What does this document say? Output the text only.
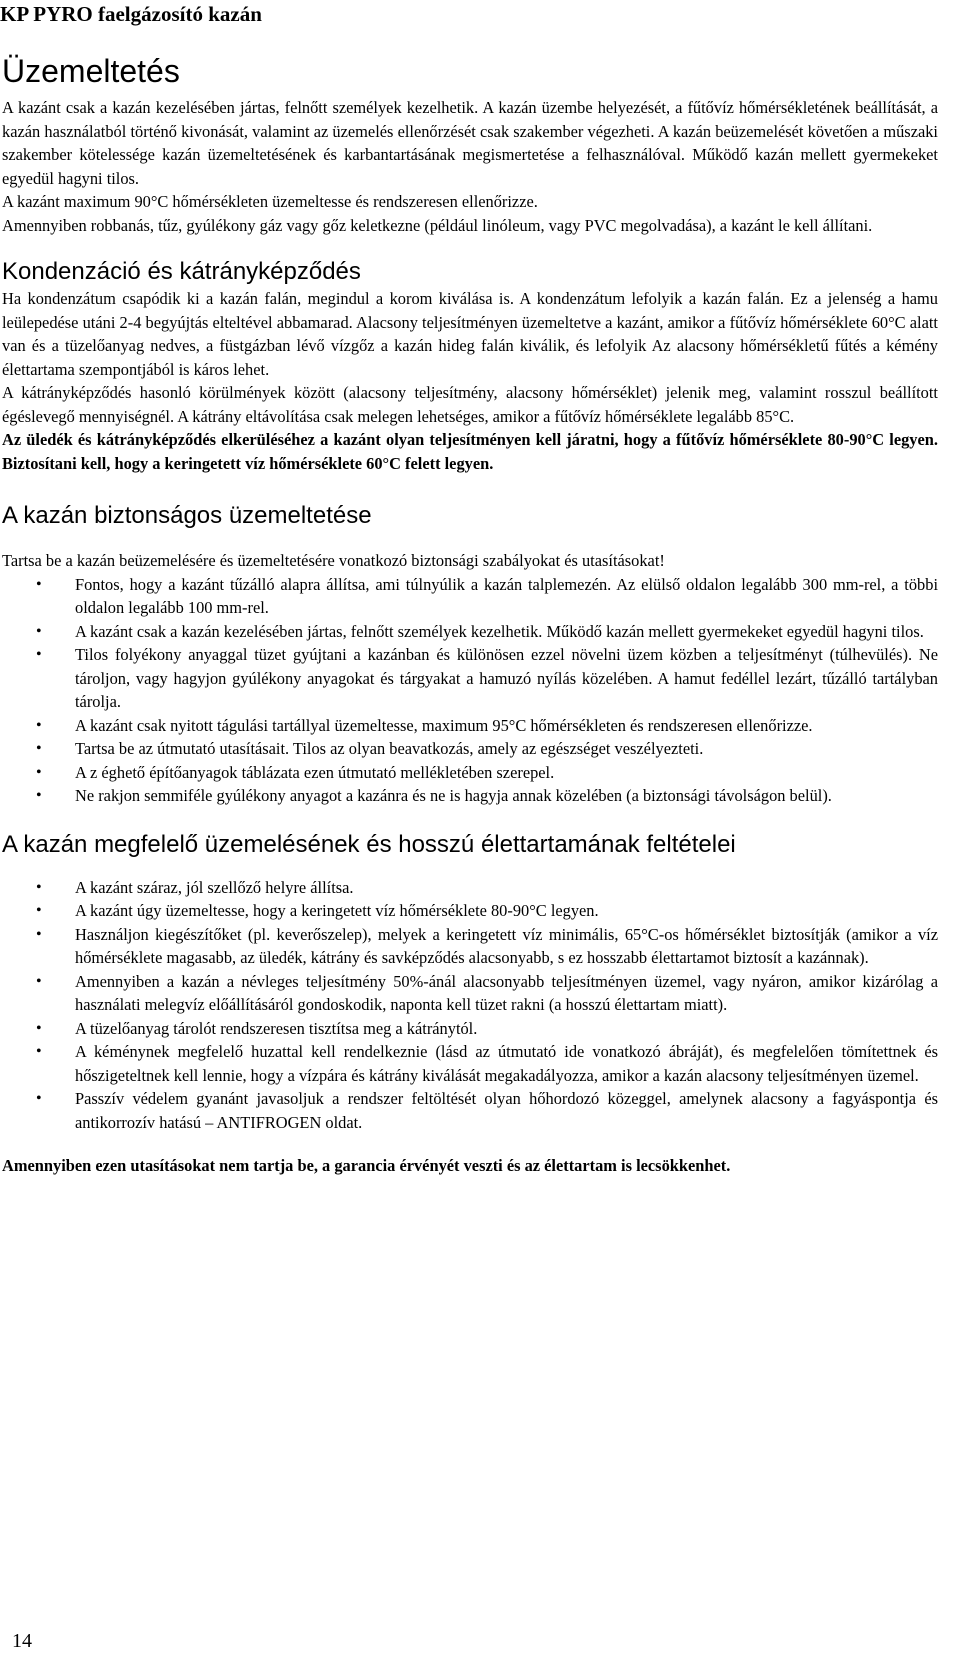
KP PYRO faelgázosító kazán
Üzemeltetés

A kazánt csak a kazán kezelésében jártas, felnőtt személyek kezelhetik. A kazán üzembe helyezését, a fűtővíz hőmérsékletének beállítását, a kazán használatból történő kivonását, valamint az üzemelés ellenőrzését csak szakember végezheti. A kazán beüzemelését követően a műszaki szakember kötelessége kazán üzemeltetésének és karbantartásának megismertetése a felhasználóval. Működő kazán mellett gyermekeket egyedül hagyni tilos.

A kazánt maximum 90°C hőmérsékleten üzemeltesse és rendszeresen ellenőrizze.

Amennyiben robbanás, tűz, gyúlékony gáz vagy gőz keletkezne (például linóleum, vagy PVC megolvadása), a kazánt le kell állítani.

Kondenzáció és kátrányképződés

Ha kondenzátum csapódik ki a kazán falán, megindul a korom kiválása is. A kondenzátum lefolyik a kazán falán. Ez a jelenség a hamu leülepedése utáni 2-4 begyújtás elteltével abbamarad. Alacsony teljesítményen üzemeltetve a kazánt, amikor a fűtővíz hőmérséklete 60°C alatt van és a tüzelőanyag nedves, a füstgázban lévő vízgőz a kazán hideg falán kiválik, és lefolyik Az alacsony hőmérsékletű fűtés a kémény élettartama szempontjából is káros lehet.

A kátrányképződés hasonló körülmények között (alacsony teljesítmény, alacsony hőmérséklet) jelenik meg, valamint rosszul beállított égéslevegő mennyiségnél. A kátrány eltávolítása csak melegen lehetséges, amikor a fűtővíz hőmérséklete legalább 85°C.

Az üledék és kátrányképződés elkerüléséhez a kazánt olyan teljesítményen kell járatni, hogy a fűtővíz hőmérséklete 80-90°C legyen. Biztosítani kell, hogy a keringetett víz hőmérséklete 60°C felett legyen.

A kazán biztonságos üzemeltetése

Tartsa be a kazán beüzemelésére és üzemeltetésére vonatkozó biztonsági szabályokat és utasításokat!

• Fontos, hogy a kazánt tűzálló alapra állítsa, ami túlnyúlik a kazán talplemezén. Az elülső oldalon legalább 300 mm-rel, a többi oldalon legalább 100 mm-rel.
• A kazánt csak a kazán kezelésében jártas, felnőtt személyek kezelhetik. Működő kazán mellett gyermekeket egyedül hagyni tilos.
• Tilos folyékony anyaggal tüzet gyújtani a kazánban és különösen ezzel növelni üzem közben a teljesítményt (túlhevülés). Ne tároljon, vagy hagyjon gyúlékony anyagokat és tárgyakat a hamuzó nyílás közelében. A hamut fedéllel lezárt, tűzálló tartályban tárolja.
• A kazánt csak nyitott tágulási tartállyal üzemeltesse, maximum 95°C hőmérsékleten és rendszeresen ellenőrizze.
• Tartsa be az útmutató utasításait. Tilos az olyan beavatkozás, amely az egészséget veszélyezteti.
• A z éghető építőanyagok táblázata ezen útmutató mellékletében szerepel.
• Ne rakjon semmiféle gyúlékony anyagot a kazánra és ne is hagyja annak közelében (a biztonsági távolságon belül).
A kazán megfelelő üzemelésének és hosszú élettartamának feltételei
• A kazánt száraz, jól szellőző helyre állítsa.
• A kazánt úgy üzemeltesse, hogy a keringetett víz hőmérséklete 80-90°C legyen.
• Használjon kiegészítőket (pl. keverőszelep), melyek a keringetett víz minimális, 65°C-os hőmérséklet biztosítják (amikor a víz hőmérséklete magasabb, az üledék, kátrány és savképződés alacsonyabb, s ez hosszabb élettartamot biztosít a kazánnak).
• Amennyiben a kazán a névleges teljesítmény 50%-ánál alacsonyabb teljesítményen üzemel, vagy nyáron, amikor kizárólag a használati melegvíz előállításáról gondoskodik, naponta kell tüzet rakni (a hosszú élettartam miatt).
• A tüzelőanyag tárolót rendszeresen tisztítsa meg a kátránytól.
• A kéménynek megfelelő huzattal kell rendelkeznie (lásd az útmutató ide vonatkozó ábráját), és megfelelően tömítettnek és hőszigeteltnek kell lennie, hogy a vízpára és kátrány kiválását megakadályozza, amikor a kazán alacsony teljesítményen üzemel.
• Passzív védelem gyanánt javasoljuk a rendszer feltöltését olyan hőhordozó közeggel, amelynek alacsony a fagyáspontja és antikorrozív hatású – ANTIFROGEN oldat.

Amennyiben ezen utasításokat nem tartja be, a garancia érvényét veszti és az élettartam is lecsökkenhet.

14
